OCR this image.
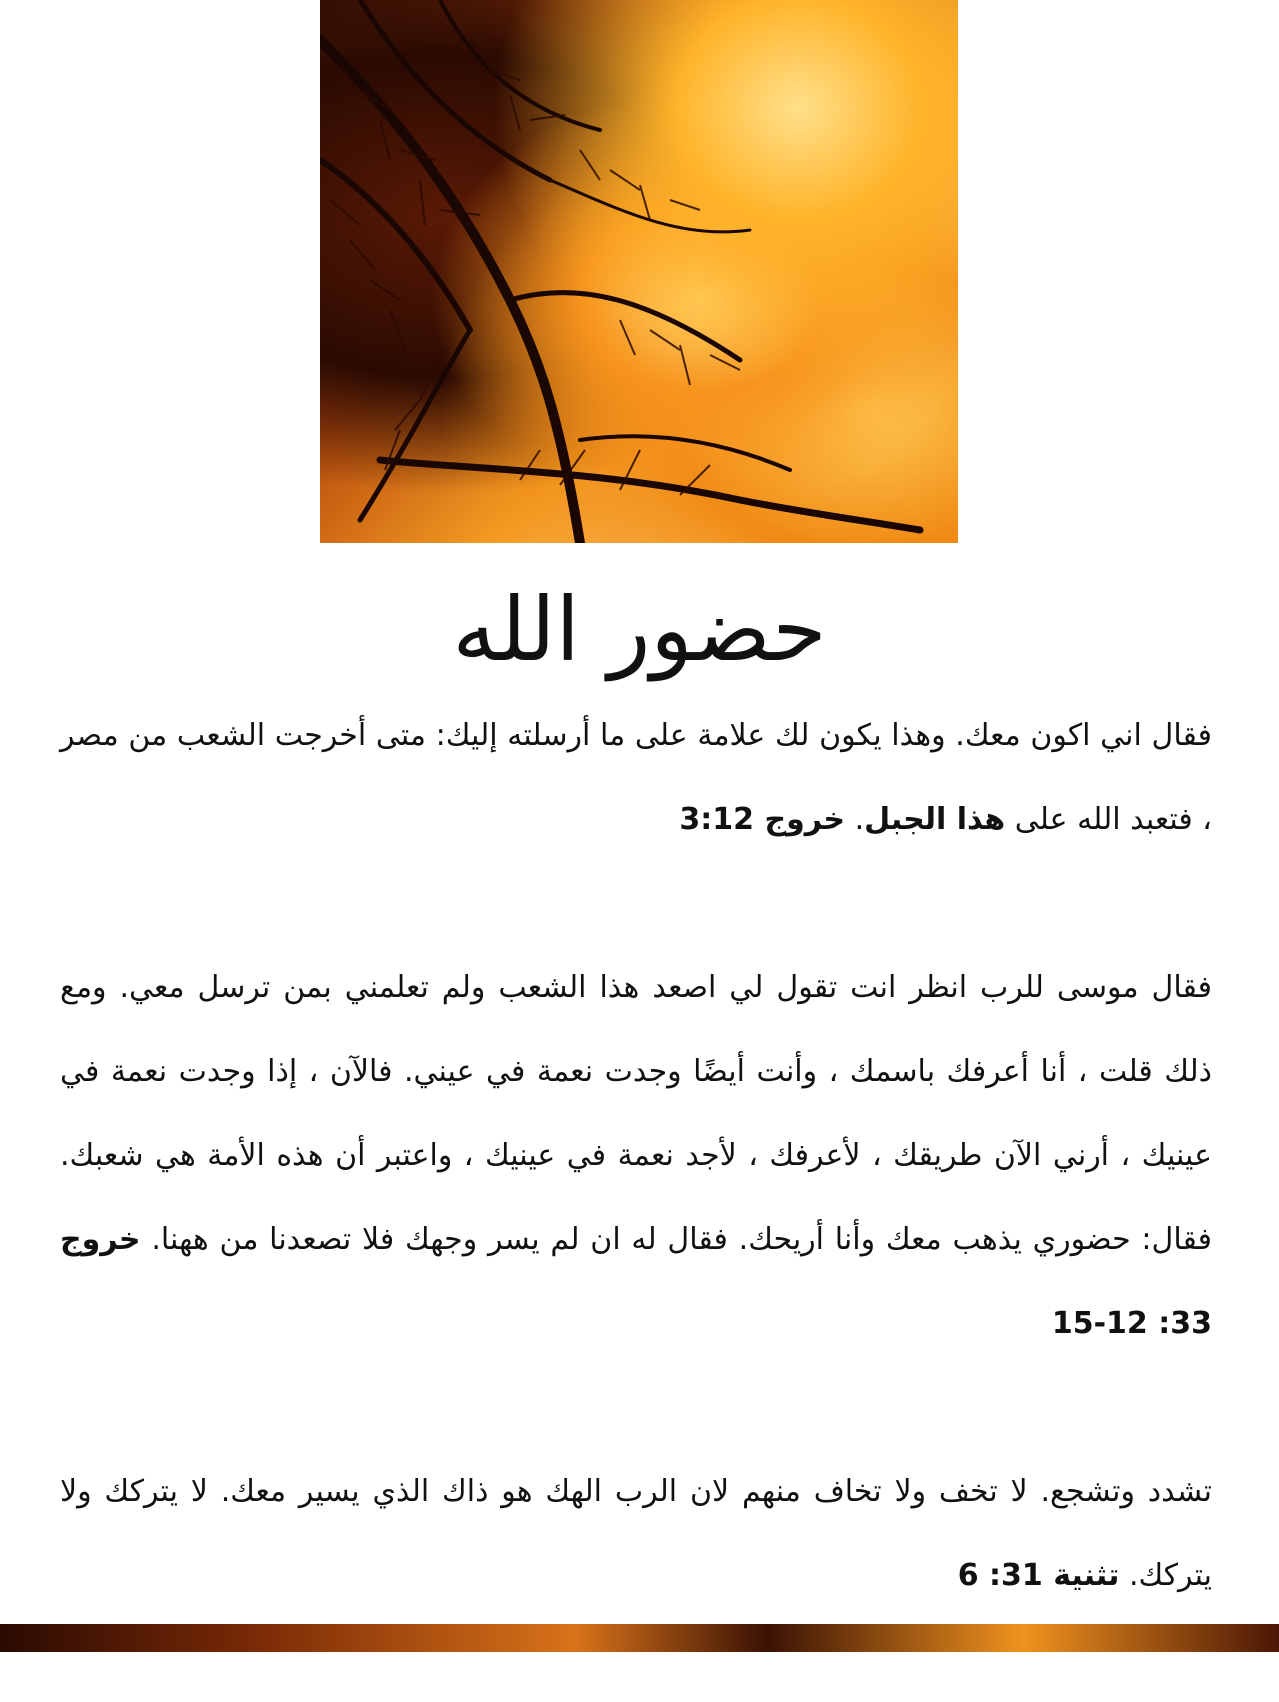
حضور الله

فقال اني اكون معك. وهذا يكون لك علامة على ما أرسلته إليك: متى أخرجت الشعب من مصر ، فتعبد الله على هذا الجبل. خروج 3:12

فقال موسى للرب انظر انت تقول لي اصعد هذا الشعب ولم تعلمني بمن ترسل معي. ومع ذلك قلت ، أنا أعرفك باسمك ، وأنت أيضًا وجدت نعمة في عيني. فالآن ، إذا وجدت نعمة في عينيك ، أرني الآن طريقك ، لأعرفك ، لأجد نعمة في عينيك ، واعتبر أن هذه الأمة هي شعبك. فقال: حضوري يذهب معك وأنا أريحك. فقال له ان لم يسر وجهك فلا تصعدنا من ههنا. خروج 33: 12-15

تشدد وتشجع. لا تخف ولا تخاف منهم لان الرب الهك هو ذاك الذي يسير معك. لا يتركك ولا يتركك. تثنية 31: 6
